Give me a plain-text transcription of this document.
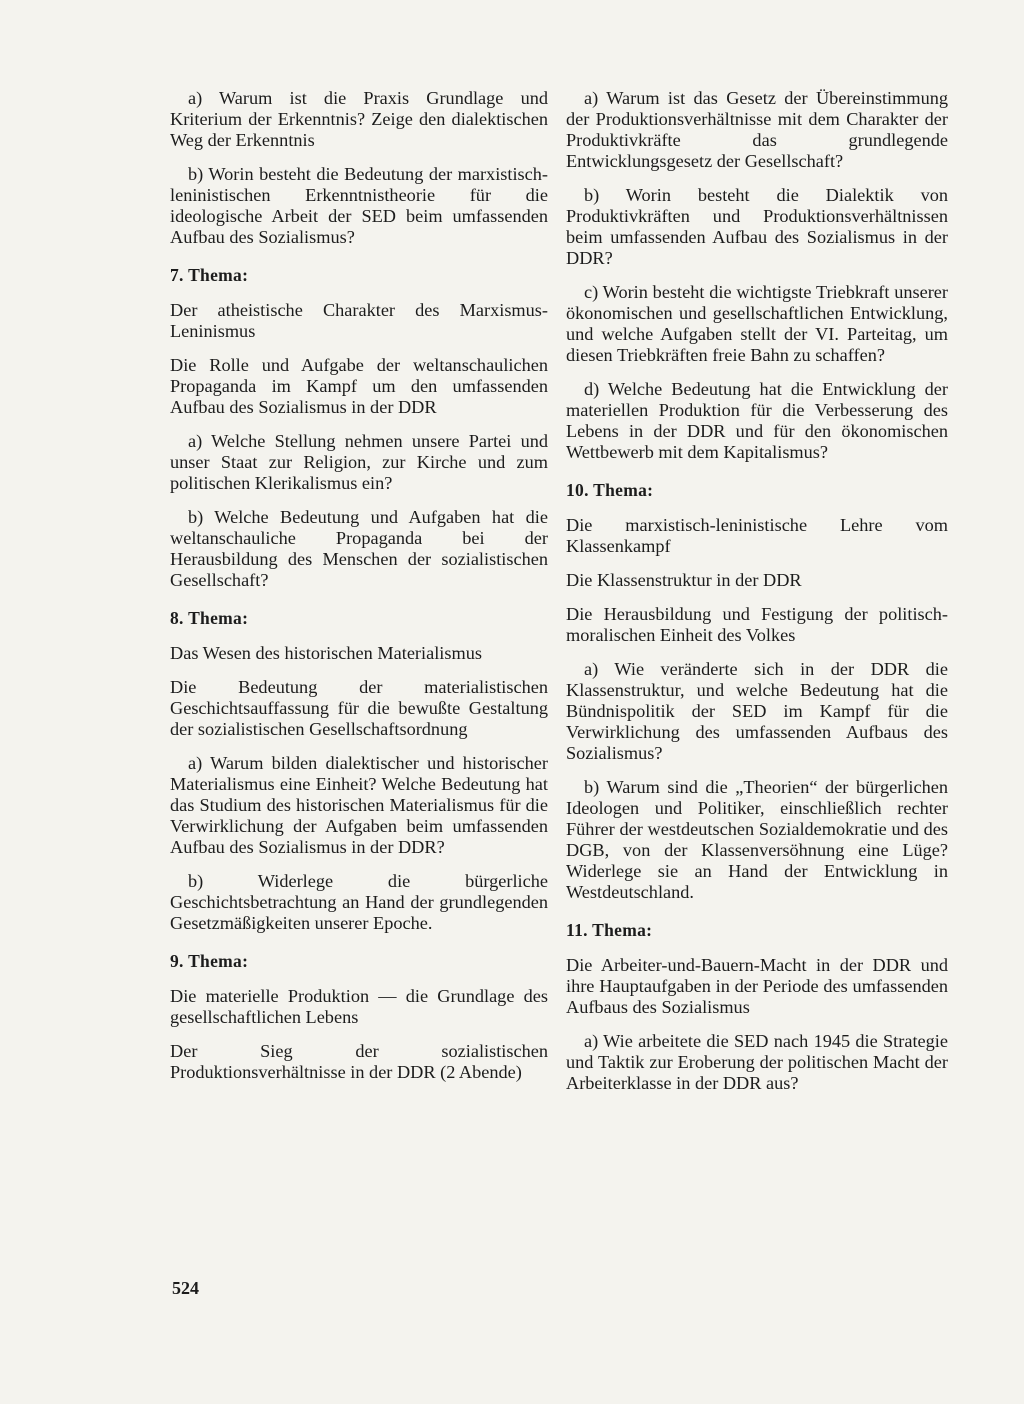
a) Warum ist die Praxis Grundlage und Kriterium der Erkenntnis? Zeige den dialektischen Weg der Erkenntnis

b) Worin besteht die Bedeutung der marxistisch-leninistischen Erkenntnistheorie für die ideologische Arbeit der SED beim umfassenden Aufbau des Sozialismus?

7. Thema:

Der atheistische Charakter des Marxismus-Leninismus

Die Rolle und Aufgabe der weltanschaulichen Propaganda im Kampf um den umfassenden Aufbau des Sozialismus in der DDR

a) Welche Stellung nehmen unsere Partei und unser Staat zur Religion, zur Kirche und zum politischen Klerikalismus ein?

b) Welche Bedeutung und Aufgaben hat die weltanschauliche Propaganda bei der Herausbildung des Menschen der sozialistischen Gesellschaft?

8. Thema:

Das Wesen des historischen Materialismus

Die Bedeutung der materialistischen Geschichtsauffassung für die bewußte Gestaltung der sozialistischen Gesellschaftsordnung

a) Warum bilden dialektischer und historischer Materialismus eine Einheit? Welche Bedeutung hat das Studium des historischen Materialismus für die Verwirklichung der Aufgaben beim umfassenden Aufbau des Sozialismus in der DDR?

b) Widerlege die bürgerliche Geschichtsbetrachtung an Hand der grundlegenden Gesetzmäßigkeiten unserer Epoche.

9. Thema:

Die materielle Produktion — die Grundlage des gesellschaftlichen Lebens

Der Sieg der sozialistischen Produktionsverhältnisse in der DDR (2 Abende)

a) Warum ist das Gesetz der Übereinstimmung der Produktionsverhältnisse mit dem Charakter der Produktivkräfte das grundlegende Entwicklungsgesetz der Gesellschaft?

b) Worin besteht die Dialektik von Produktivkräften und Produktionsverhältnissen beim umfassenden Aufbau des Sozialismus in der DDR?

c) Worin besteht die wichtigste Triebkraft unserer ökonomischen und gesellschaftlichen Entwicklung, und welche Aufgaben stellt der VI. Parteitag, um diesen Triebkräften freie Bahn zu schaffen?

d) Welche Bedeutung hat die Entwicklung der materiellen Produktion für die Verbesserung des Lebens in der DDR und für den ökonomischen Wettbewerb mit dem Kapitalismus?

10. Thema:

Die marxistisch-leninistische Lehre vom Klassenkampf

Die Klassenstruktur in der DDR

Die Herausbildung und Festigung der politisch-moralischen Einheit des Volkes

a) Wie veränderte sich in der DDR die Klassenstruktur, und welche Bedeutung hat die Bündnispolitik der SED im Kampf für die Verwirklichung des umfassenden Aufbaus des Sozialismus?

b) Warum sind die „Theorien“ der bürgerlichen Ideologen und Politiker, einschließlich rechter Führer der westdeutschen Sozialdemokratie und des DGB, von der Klassenversöhnung eine Lüge? Widerlege sie an Hand der Entwicklung in Westdeutschland.

11. Thema:

Die Arbeiter-und-Bauern-Macht in der DDR und ihre Hauptaufgaben in der Periode des umfassenden Aufbaus des Sozialismus

a) Wie arbeitete die SED nach 1945 die Strategie und Taktik zur Eroberung der politischen Macht der Arbeiterklasse in der DDR aus?

524
